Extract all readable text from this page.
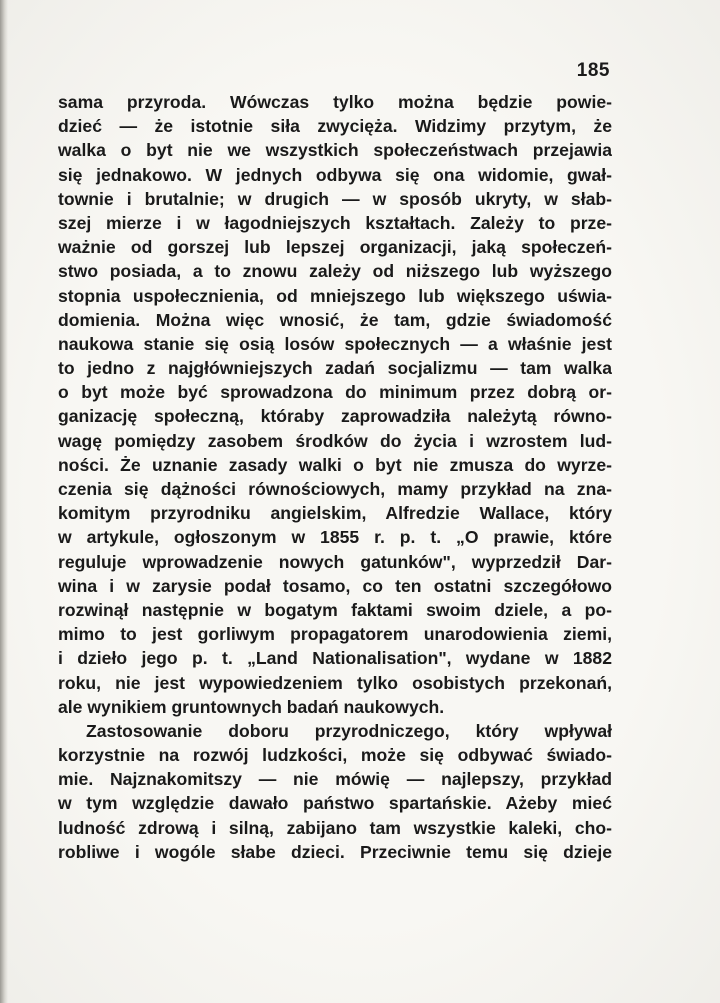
185
sama przyroda. Wówczas tylko można będzie powie-
dzieć — że istotnie siła zwycięża. Widzimy przytym, że
walka o byt nie we wszystkich społeczeństwach przejawia
się jednakowo. W jednych odbywa się ona widomie, gwał-
townie i brutalnie; w drugich — w sposób ukryty, w słab-
szej mierze i w łagodniejszych kształtach. Zależy to prze-
ważnie od gorszej lub lepszej organizacji, jaką społeczeń-
stwo posiada, a to znowu zależy od niższego lub wyższego
stopnia uspołecznienia, od mniejszego lub większego uświa-
domienia. Można więc wnosić, że tam, gdzie świadomość
naukowa stanie się osią losów społecznych — a właśnie jest
to jedno z najgłówniejszych zadań socjalizmu — tam walka
o byt może być sprowadzona do minimum przez dobrą or-
ganizację społeczną, któraby zaprowadziła należytą równo-
wagę pomiędzy zasobem środków do życia i wzrostem lud-
ności. Że uznanie zasady walki o byt nie zmusza do wyrze-
czenia się dążności równościowych, mamy przykład na zna-
komitym przyrodniku angielskim, Alfredzie Wallace, który
w artykule, ogłoszonym w 1855 r. p. t. „O prawie, które
reguluje wprowadzenie nowych gatunków", wyprzedził Dar-
wina i w zarysie podał tosamo, co ten ostatni szczegółowo
rozwinął następnie w bogatym faktami swoim dziele, a po-
mimo to jest gorliwym propagatorem unarodowienia ziemi,
i dzieło jego p. t. „Land Nationalisation", wydane w 1882
roku, nie jest wypowiedzeniem tylko osobistych przekonań,
ale wynikiem gruntownych badań naukowych.
Zastosowanie doboru przyrodniczego, który wpływał
korzystnie na rozwój ludzkości, może się odbywać świado-
mie. Najznakomitszy — nie mówię — najlepszy, przykład
w tym względzie dawało państwo spartańskie. Ażeby mieć
ludność zdrową i silną, zabijano tam wszystkie kaleki, cho-
robliwe i wogóle słabe dzieci. Przeciwnie temu się dzieje
